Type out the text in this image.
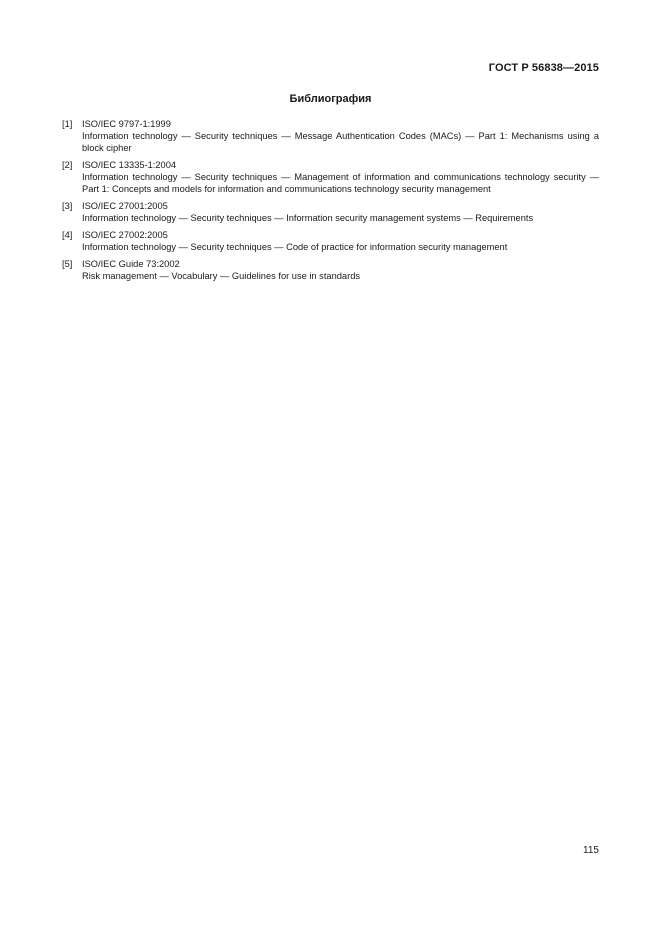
ГОСТ Р 56838—2015
Библиография
[1]	ISO/IEC 9797-1:1999
Information technology — Security techniques — Message Authentication Codes (MACs) — Part 1: Mechanisms using a block cipher
[2]	ISO/IEC 13335-1:2004
Information technology — Security techniques — Management of information and communications technology security — Part 1: Concepts and models for information and communications technology security management
[3]	ISO/IEC 27001:2005
Information technology — Security techniques — Information security management systems — Requirements
[4]	ISO/IEC 27002:2005
Information technology — Security techniques — Code of practice for information security management
[5]	ISO/IEC Guide 73:2002
Risk management — Vocabulary — Guidelines for use in standards
115
